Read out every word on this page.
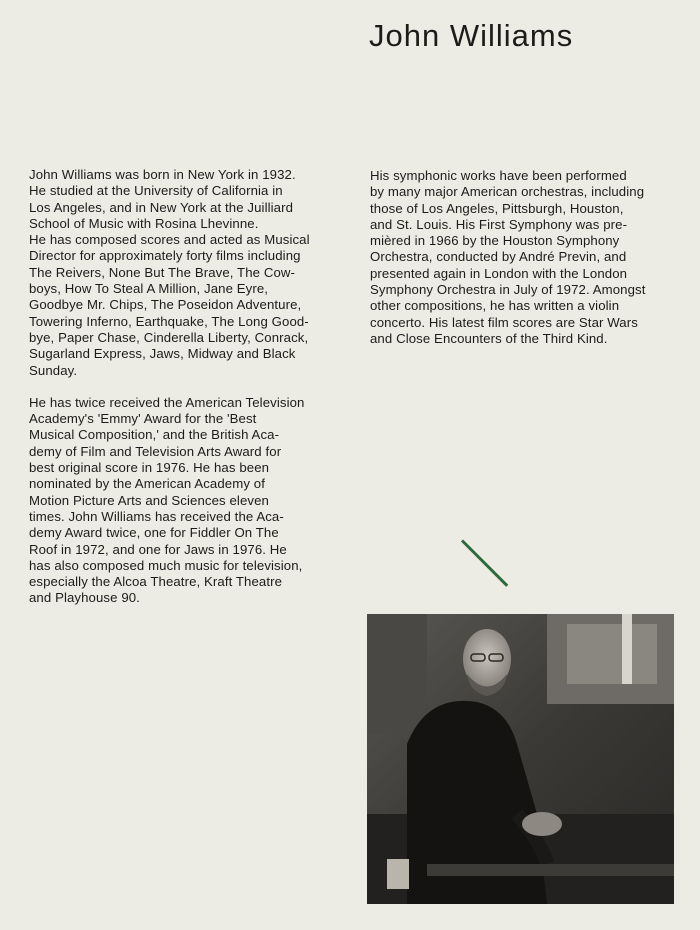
John Williams

John Williams was born in New York in 1932.

He studied at the University of California in

Los Angeles, and in New York at the Juilliard

School of Music with Rosina Lhevinne.

He has composed scores and acted as Musical

Director for approximately forty films including

The Reivers, None But The Brave, The Cow-

boys, How To Steal A Million, Jane Eyre,

Goodbye Mr. Chips, The Poseidon Adventure,

Towering Inferno, Earthquake, The Long Good-

bye, Paper Chase, Cinderella Liberty, Conrack,

Sugarland Express, Jaws, Midway and Black

Sunday.

He has twice received the American Television

Academy's 'Emmy' Award for the 'Best

Musical Composition,' and the British Aca-

demy of Film and Television Arts Award for

best original score in 1976. He has been

nominated by the American Academy of

Motion Picture Arts and Sciences eleven

times. John Williams has received the Aca-

demy Award twice, one for Fiddler On The

Roof in 1972, and one for Jaws in 1976. He

has also composed much music for television,

especially the Alcoa Theatre, Kraft Theatre

and Playhouse 90.

His symphonic works have been performed

by many major American orchestras, including

those of Los Angeles, Pittsburgh, Houston,

and St. Louis. His First Symphony was pre-

mièred in 1966 by the Houston Symphony

Orchestra, conducted by André Previn, and

presented again in London with the London

Symphony Orchestra in July of 1972. Amongst

other compositions, he has written a violin

concerto. His latest film scores are Star Wars

and Close Encounters of the Third Kind.
